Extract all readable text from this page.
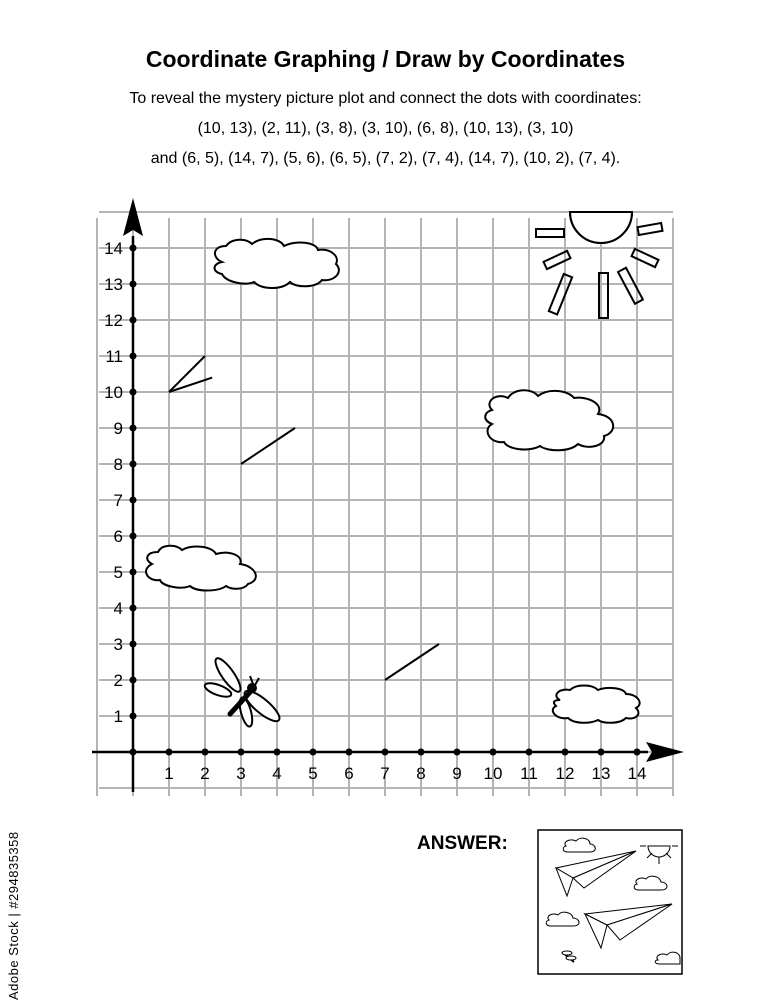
Coordinate Graphing / Draw by Coordinates
To reveal the mystery picture plot and connect the dots with coordinates:
(10, 13), (2, 11), (3, 8), (3, 10), (6, 8), (10, 13), (3, 10)
and (6, 5), (14, 7), (5, 6), (6, 5), (7, 2), (7, 4), (14, 7), (10, 2), (7, 4).
1 2 3 4 5 6 7 8 9 10 11 12 13 14
1
2
3
4
5
6
7
8
9
10
11
12
13
14
ANSWER:
Adobe Stock | #294835358
